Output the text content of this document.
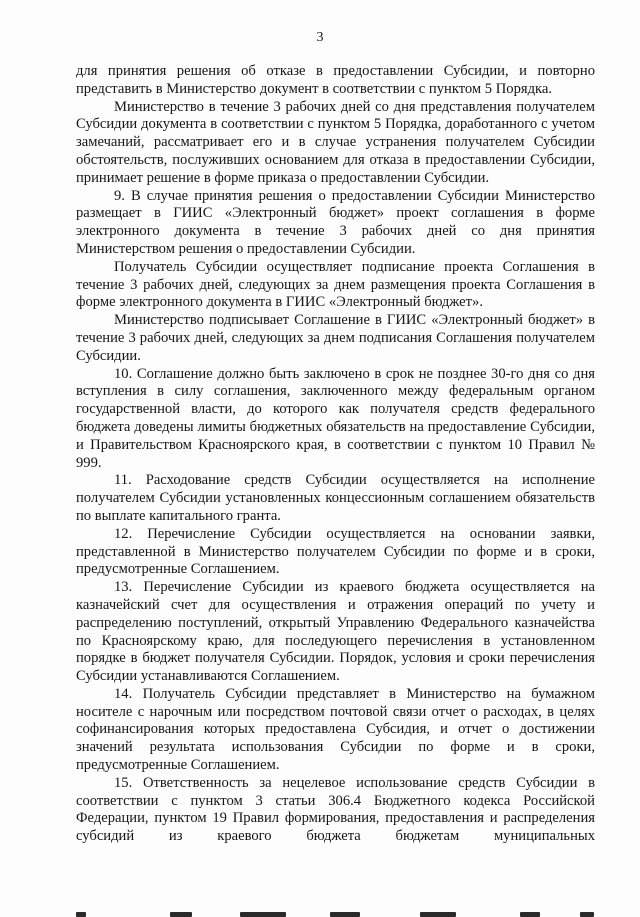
3

для принятия решения об отказе в предоставлении Субсидии, и повторно представить в Министерство документ в соответствии с пунктом 5 Порядка.

Министерство в течение 3 рабочих дней со дня представления получателем Субсидии документа в соответствии с пунктом 5 Порядка, доработанного с учетом замечаний, рассматривает его и в случае устранения получателем Субсидии обстоятельств, послуживших основанием для отказа в предоставлении Субсидии, принимает решение в форме приказа о предоставлении Субсидии.

9. В случае принятия решения о предоставлении Субсидии Министерство размещает в ГИИС «Электронный бюджет» проект соглашения в форме электронного документа в течение 3 рабочих дней со дня принятия Министерством решения о предоставлении Субсидии.

Получатель Субсидии осуществляет подписание проекта Соглашения в течение 3 рабочих дней, следующих за днем размещения проекта Соглашения в форме электронного документа в ГИИС «Электронный бюджет».

Министерство подписывает Соглашение в ГИИС «Электронный бюджет» в течение 3 рабочих дней, следующих за днем подписания Соглашения получателем Субсидии.

10. Соглашение должно быть заключено в срок не позднее 30-го дня со дня вступления в силу соглашения, заключенного между федеральным органом государственной власти, до которого как получателя средств федерального бюджета доведены лимиты бюджетных обязательств на предоставление Субсидии, и Правительством Красноярского края, в соответствии с пунктом 10 Правил № 999.

11. Расходование средств Субсидии осуществляется на исполнение получателем Субсидии установленных концессионным соглашением обязательств по выплате капитального гранта.

12. Перечисление Субсидии осуществляется на основании заявки, представленной в Министерство получателем Субсидии по форме и в сроки, предусмотренные Соглашением.

13. Перечисление Субсидии из краевого бюджета осуществляется на казначейский счет для осуществления и отражения операций по учету и распределению поступлений, открытый Управлению Федерального казначейства по Красноярскому краю, для последующего перечисления в установленном порядке в бюджет получателя Субсидии. Порядок, условия и сроки перечисления Субсидии устанавливаются Соглашением.

14. Получатель Субсидии представляет в Министерство на бумажном носителе с нарочным или посредством почтовой связи отчет о расходах, в целях софинансирования которых предоставлена Субсидия, и отчет о достижении значений результата использования Субсидии по форме и в сроки, предусмотренные Соглашением.

15. Ответственность за нецелевое использование средств Субсидии в соответствии с пунктом 3 статьи 306.4 Бюджетного кодекса Российской Федерации, пунктом 19 Правил формирования, предоставления и распределения субсидий из краевого бюджета бюджетам муниципальных
